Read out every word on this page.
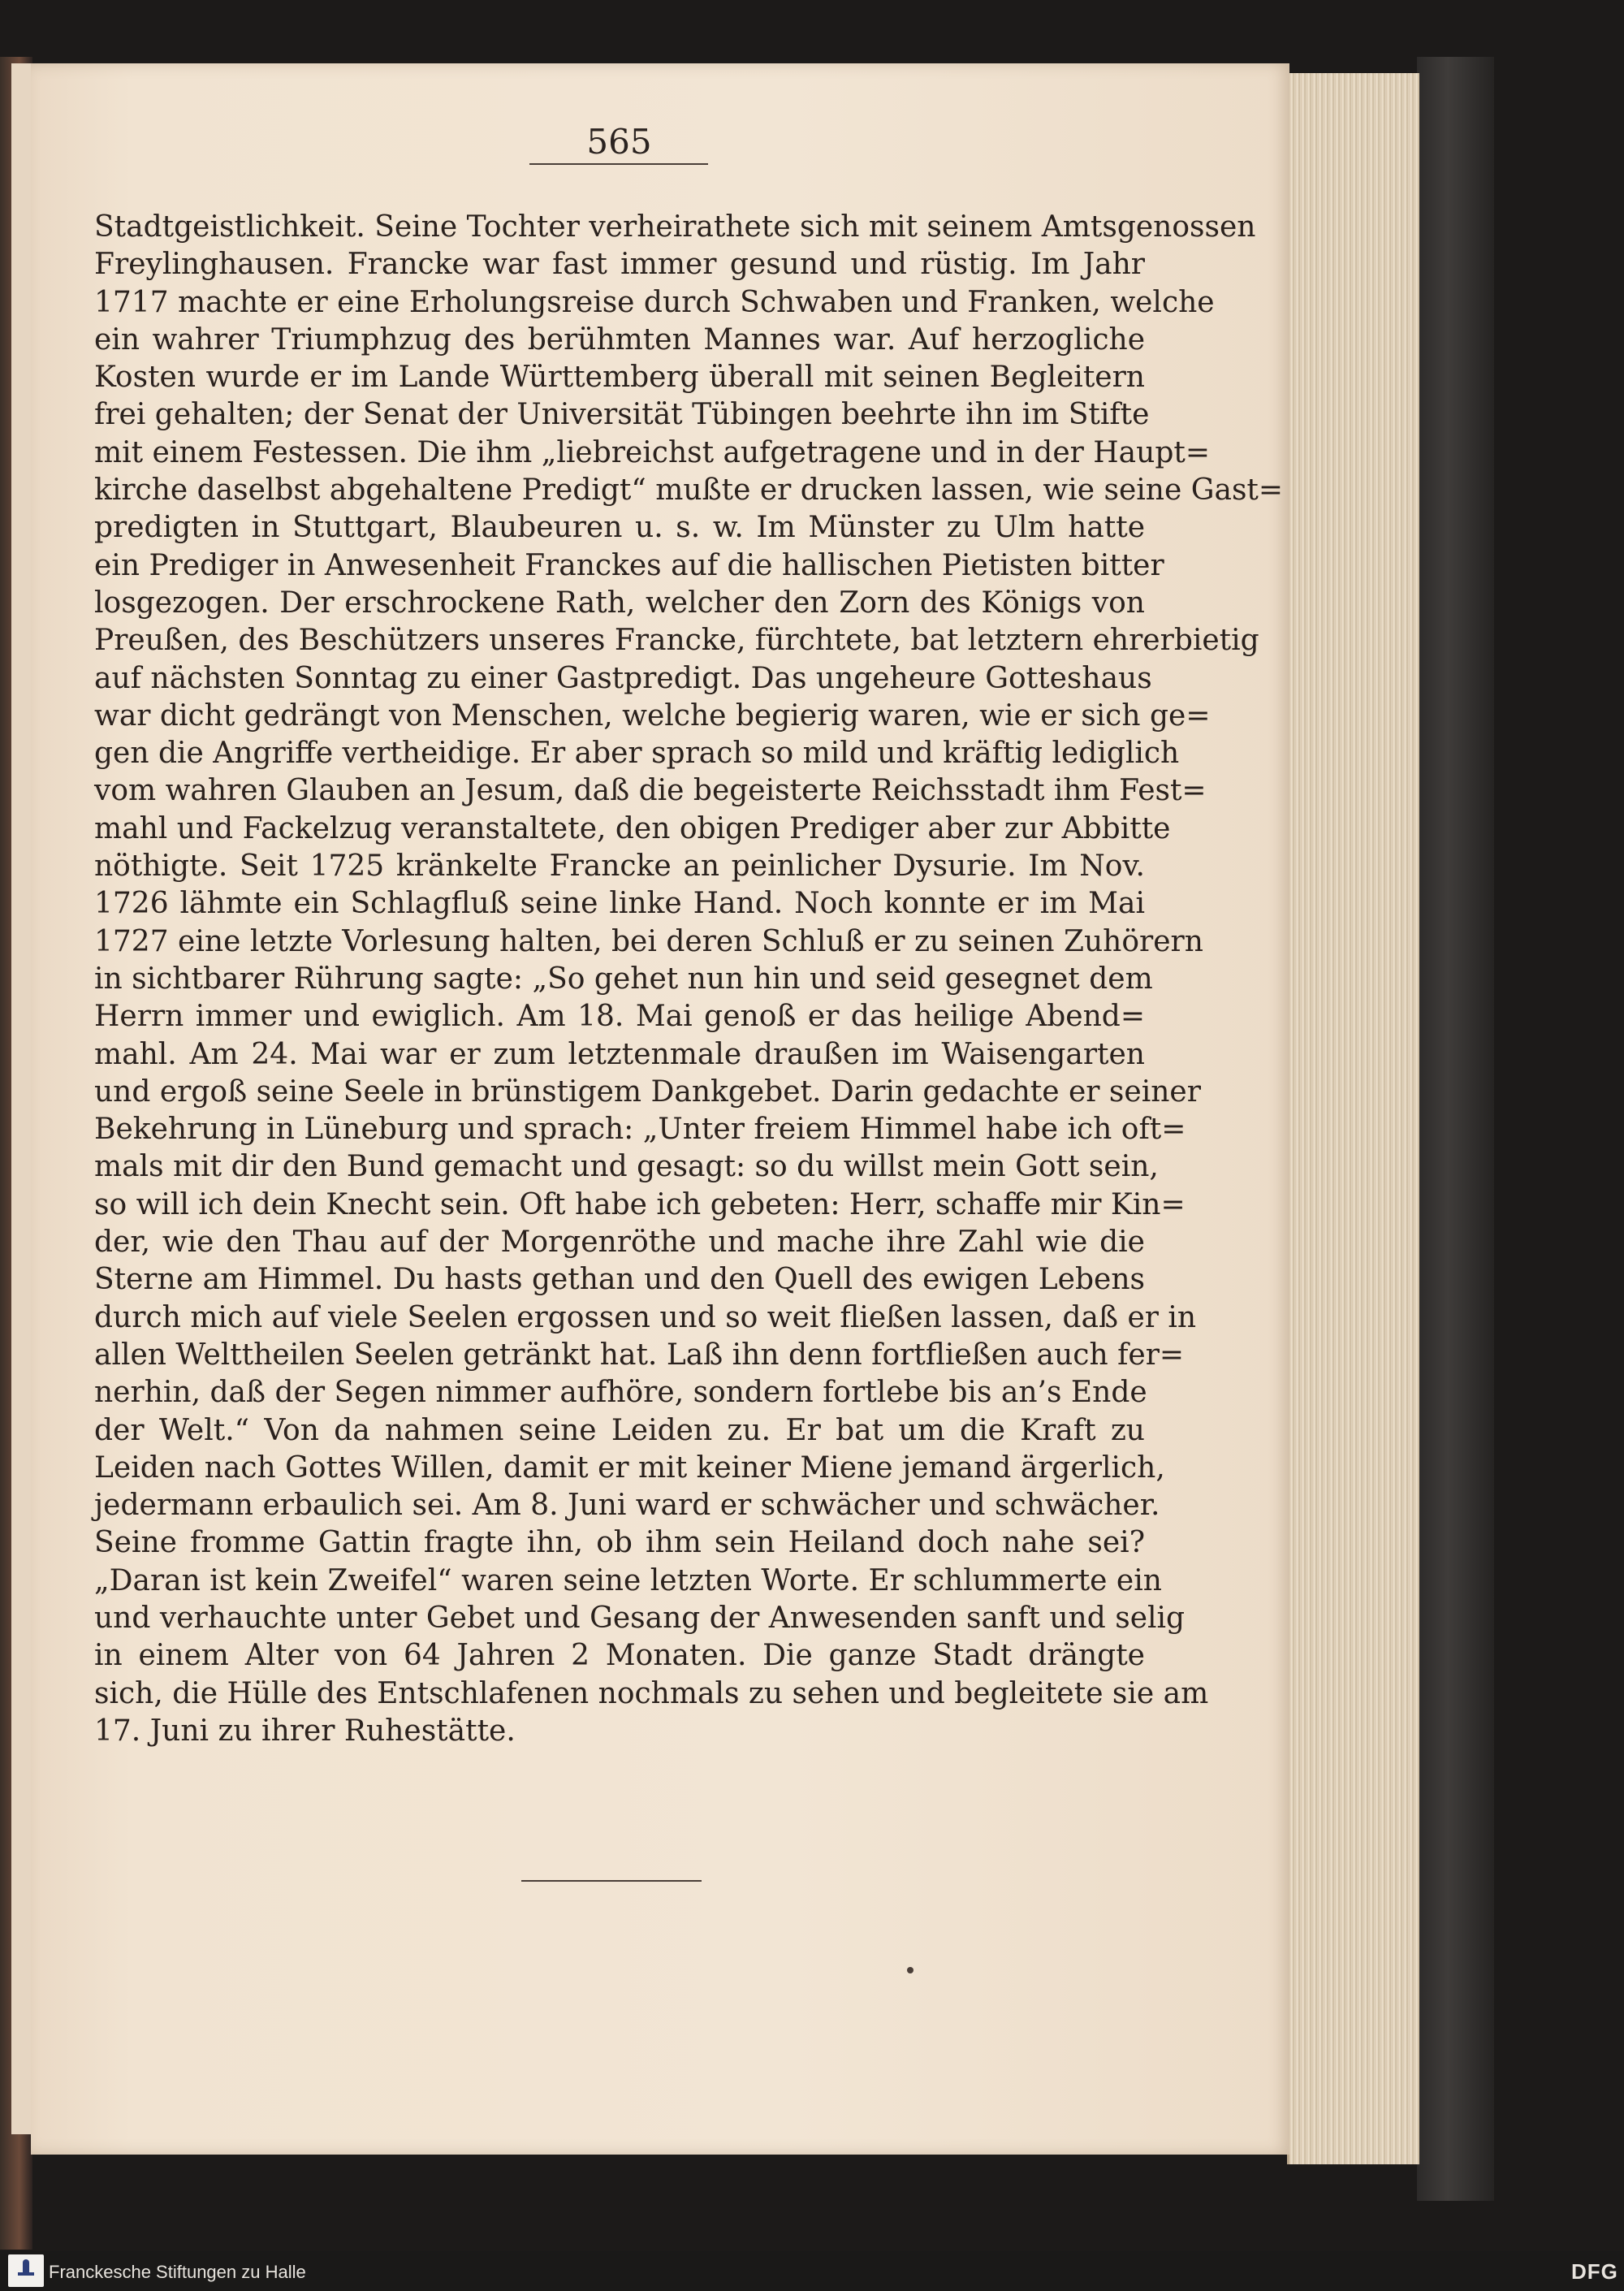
565
Stadtgeistlichkeit. Seine Tochter verheirathete sich mit seinem Amtsgenossen
Freylinghausen. Francke war fast immer gesund und rüstig. Im Jahr
1717 machte er eine Erholungsreise durch Schwaben und Franken, welche
ein wahrer Triumphzug des berühmten Mannes war. Auf herzogliche
Kosten wurde er im Lande Württemberg überall mit seinen Begleitern
frei gehalten; der Senat der Universität Tübingen beehrte ihn im Stifte
mit einem Festessen. Die ihm „liebreichst aufgetragene und in der Haupt=
kirche daselbst abgehaltene Predigt“ mußte er drucken lassen, wie seine Gast=
predigten in Stuttgart, Blaubeuren u. s. w. Im Münster zu Ulm hatte
ein Prediger in Anwesenheit Franckes auf die hallischen Pietisten bitter
losgezogen. Der erschrockene Rath, welcher den Zorn des Königs von
Preußen, des Beschützers unseres Francke, fürchtete, bat letztern ehrerbietig
auf nächsten Sonntag zu einer Gastpredigt. Das ungeheure Gotteshaus
war dicht gedrängt von Menschen, welche begierig waren, wie er sich ge=
gen die Angriffe vertheidige. Er aber sprach so mild und kräftig lediglich
vom wahren Glauben an Jesum, daß die begeisterte Reichsstadt ihm Fest=
mahl und Fackelzug veranstaltete, den obigen Prediger aber zur Abbitte
nöthigte. Seit 1725 kränkelte Francke an peinlicher Dysurie. Im Nov.
1726 lähmte ein Schlagfluß seine linke Hand. Noch konnte er im Mai
1727 eine letzte Vorlesung halten, bei deren Schluß er zu seinen Zuhörern
in sichtbarer Rührung sagte: „So gehet nun hin und seid gesegnet dem
Herrn immer und ewiglich. Am 18. Mai genoß er das heilige Abend=
mahl. Am 24. Mai war er zum letztenmale draußen im Waisengarten
und ergoß seine Seele in brünstigem Dankgebet. Darin gedachte er seiner
Bekehrung in Lüneburg und sprach: „Unter freiem Himmel habe ich oft=
mals mit dir den Bund gemacht und gesagt: so du willst mein Gott sein,
so will ich dein Knecht sein. Oft habe ich gebeten: Herr, schaffe mir Kin=
der, wie den Thau auf der Morgenröthe und mache ihre Zahl wie die
Sterne am Himmel. Du hasts gethan und den Quell des ewigen Lebens
durch mich auf viele Seelen ergossen und so weit fließen lassen, daß er in
allen Welttheilen Seelen getränkt hat. Laß ihn denn fortfließen auch fer=
nerhin, daß der Segen nimmer aufhöre, sondern fortlebe bis an’s Ende
der Welt.“ Von da nahmen seine Leiden zu. Er bat um die Kraft zu
Leiden nach Gottes Willen, damit er mit keiner Miene jemand ärgerlich,
jedermann erbaulich sei. Am 8. Juni ward er schwächer und schwächer.
Seine fromme Gattin fragte ihn, ob ihm sein Heiland doch nahe sei?
„Daran ist kein Zweifel“ waren seine letzten Worte. Er schlummerte ein
und verhauchte unter Gebet und Gesang der Anwesenden sanft und selig
in einem Alter von 64 Jahren 2 Monaten. Die ganze Stadt drängte
sich, die Hülle des Entschlafenen nochmals zu sehen und begleitete sie am
17. Juni zu ihrer Ruhestätte.
Franckesche Stiftungen zu Halle	DFG
